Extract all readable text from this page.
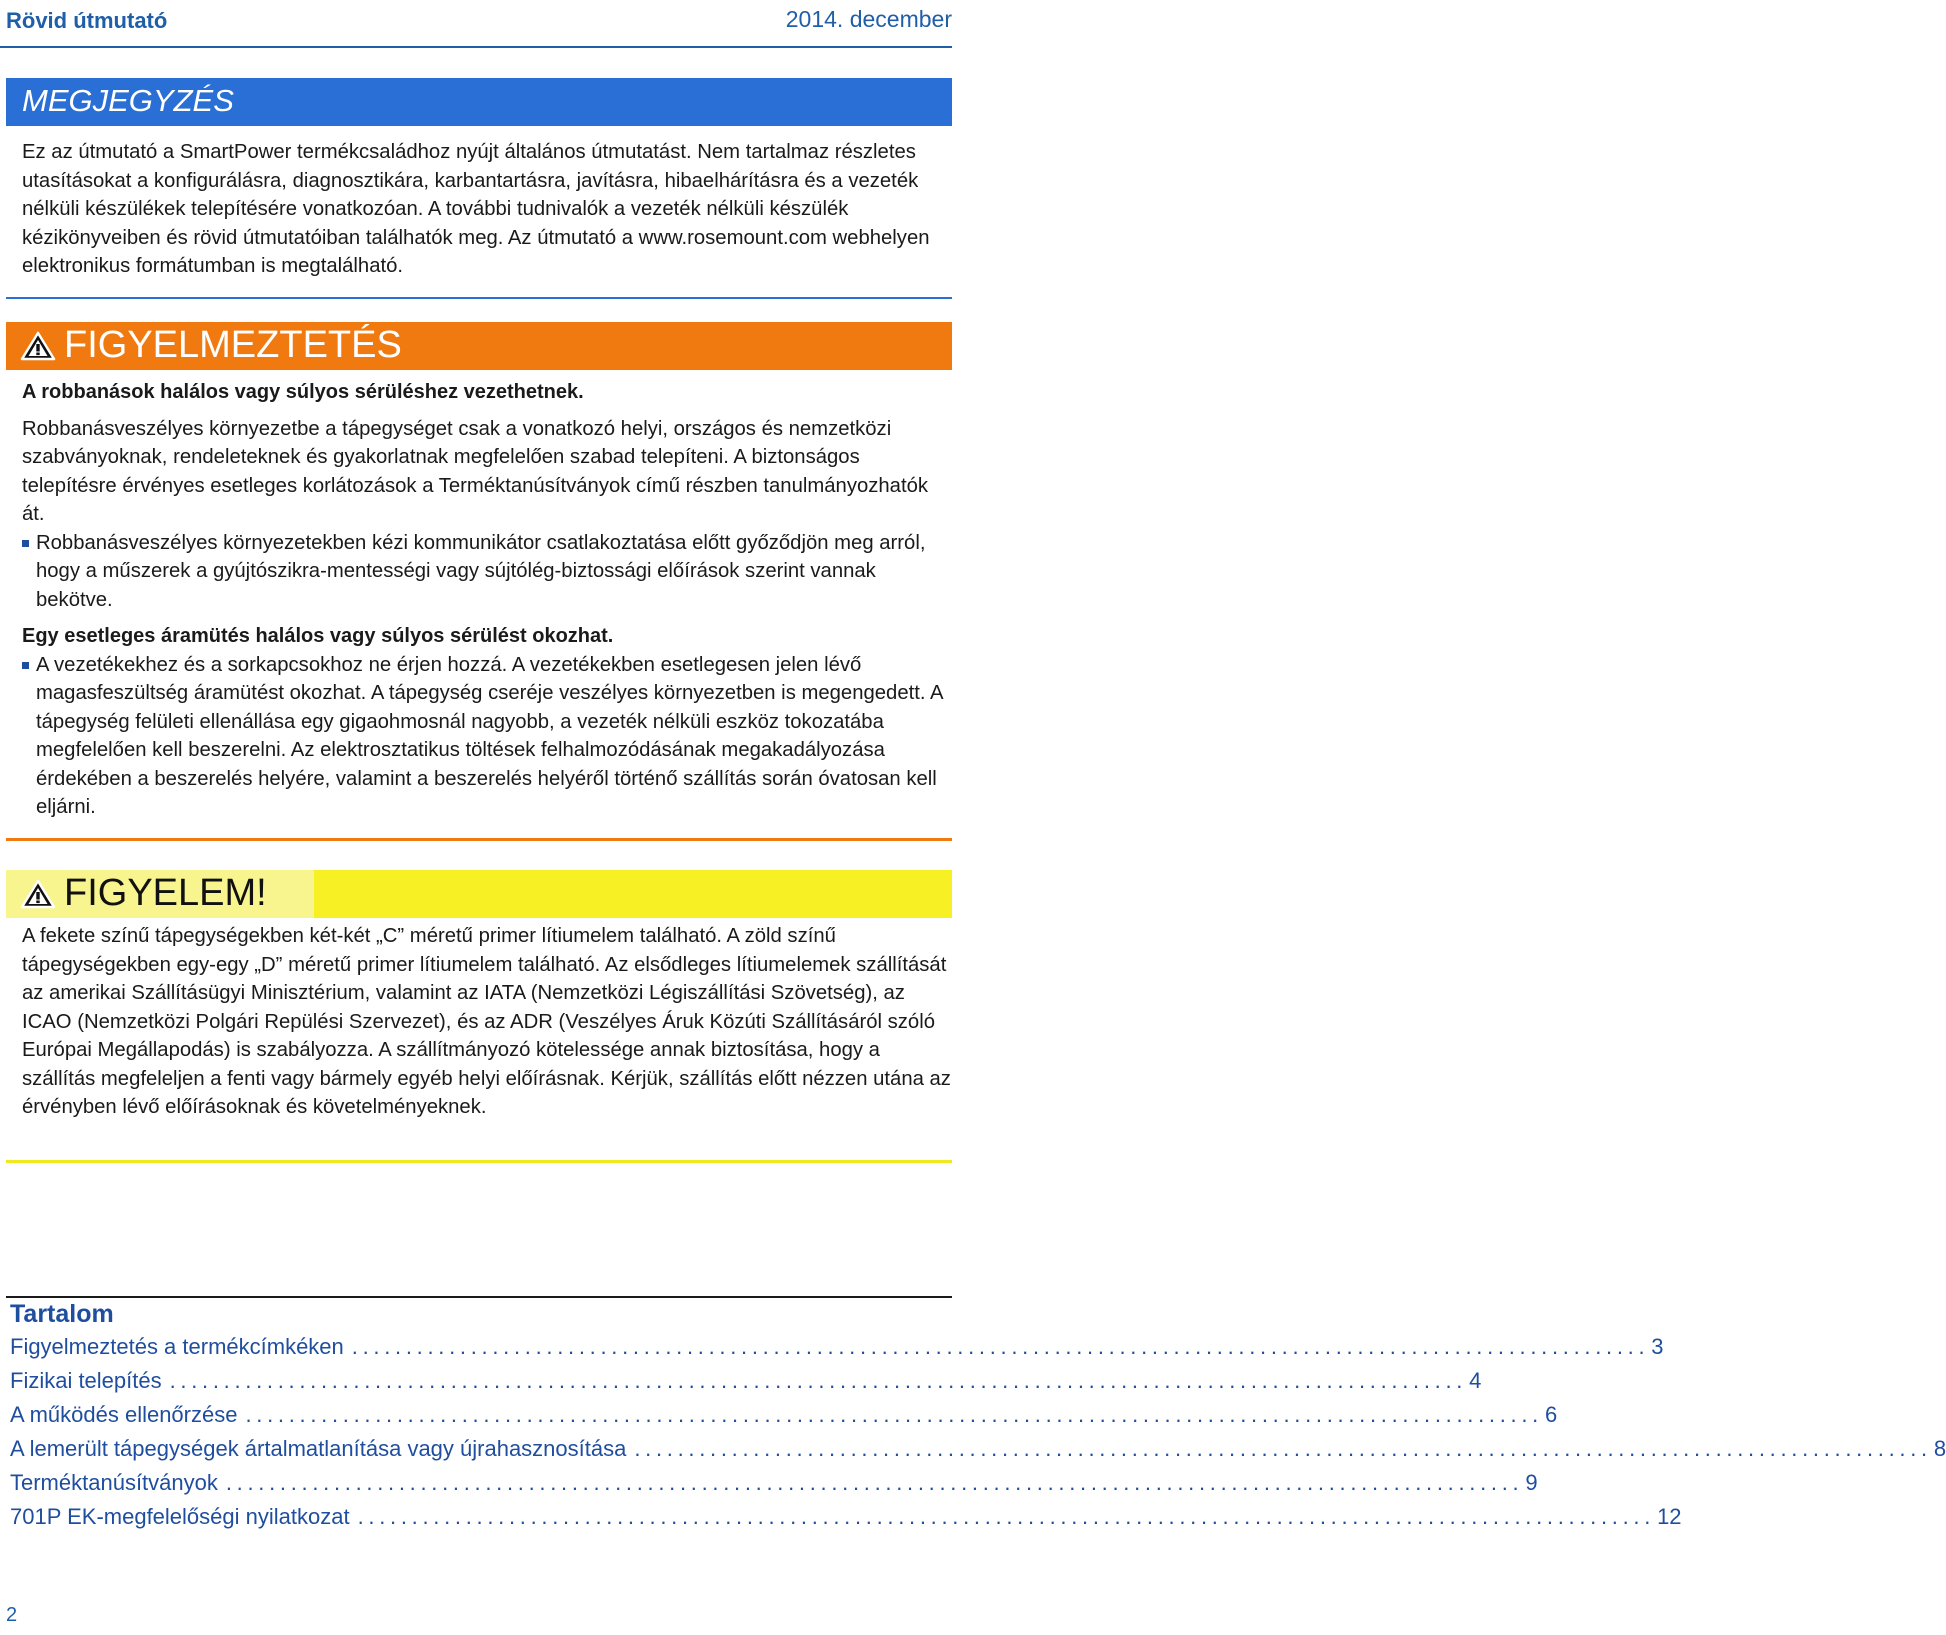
Rövid útmutató	2014. december
MEGJEGYZÉS
Ez az útmutató a SmartPower termékcsaládhoz nyújt általános útmutatást. Nem tartalmaz részletes utasításokat a konfigurálásra, diagnosztikára, karbantartásra, javításra, hibaelhárításra és a vezeték nélküli készülékek telepítésére vonatkozóan. A további tudnivalók a vezeték nélküli készülék kézikönyveiben és rövid útmutatóiban találhatók meg. Az útmutató a www.rosemount.com webhelyen elektronikus formátumban is megtalálható.
FIGYELMEZTETÉS

A robbanások halálos vagy súlyos sérüléshez vezethetnek.

Robbanásveszélyes környezetbe a tápegységet csak a vonatkozó helyi, országos és nemzetközi szabványoknak, rendeleteknek és gyakorlatnak megfelelően szabad telepíteni. A biztonságos telepítésre érvényes esetleges korlátozások a Terméktanúsítványok című részben tanulmányozhatók át.

Robbanásveszélyes környezetekben kézi kommunikátor csatlakoztatása előtt győződjön meg arról, hogy a műszerek a gyújtószikra-mentességi vagy sújtólég-biztossági előírások szerint vannak bekötve.

Egy esetleges áramütés halálos vagy súlyos sérülést okozhat.

A vezetékekhez és a sorkapcsokhoz ne érjen hozzá. A vezetékekben esetlegesen jelen lévő magasfeszültség áramütést okozhat. A tápegység cseréje veszélyes környezetben is megengedett. A tápegység felületi ellenállása egy gigaohmosnál nagyobb, a vezeték nélküli eszköz tokozatába megfelelően kell beszerelni. Az elektrosztatikus töltések felhalmozódásának megakadályozása érdekében a beszerelés helyére, valamint a beszerelés helyéről történő szállítás során óvatosan kell eljárni.
FIGYELEM!
A fekete színű tápegységekben két-két „C” méretű primer lítiumelem található. A zöld színű tápegységekben egy-egy „D” méretű primer lítiumelem található. Az elsődleges lítiumelemek szállítását az amerikai Szállításügyi Minisztérium, valamint az IATA (Nemzetközi Légiszállítási Szövetség), az ICAO (Nemzetközi Polgári Repülési Szervezet), és az ADR (Veszélyes Áruk Közúti Szállításáról szóló Európai Megállapodás) is szabályozza. A szállítmányozó kötelessége annak biztosítása, hogy a szállítás megfeleljen a fenti vagy bármely egyéb helyi előírásnak. Kérjük, szállítás előtt nézzen utána az érvényben lévő előírásoknak és követelményeknek.
Tartalom
Figyelmeztetés a termékcímkéken ........................................................................................................................ 3
Fizikai telepítés ........................................................................................................................ 4
A működés ellenőrzése ........................................................................................................................ 6
A lemerült tápegységek ártalmatlanítása vagy újrahasznosítása ........................................................................................................................ 8
Terméktanúsítványok ........................................................................................................................ 9
701P EK-megfelelőségi nyilatkozat ........................................................................................................................ 12
2
